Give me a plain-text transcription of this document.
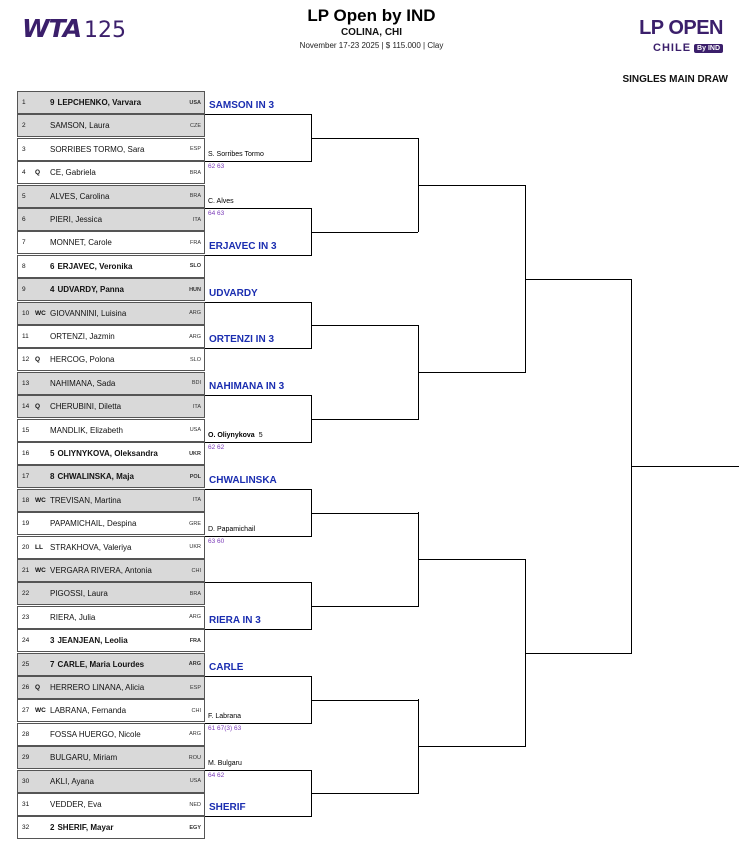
WTA 125
LP Open by IND
COLINA, CHI
November 17-23 2025 | $ 115.000 | Clay
LP OPEN
CHILE By IND
SINGLES MAIN DRAW
1	9 LEPCHENKO, Varvara	USA
2	SAMSON, Laura	CZE
3	SORRIBES TORMO, Sara	ESP
4	Q CE, Gabriela	BRA
5	ALVES, Carolina	BRA
6	PIERI, Jessica	ITA
7	MONNET, Carole	FRA
8	6 ERJAVEC, Veronika	SLO
9	4 UDVARDY, Panna	HUN
10 WC GIOVANNINI, Luisina	ARG
11	ORTENZI, Jazmin	ARG
12 Q HERCOG, Polona	SLO
13	NAHIMANA, Sada	BDI
14 Q CHERUBINI, Diletta	ITA
15	MANDLIK, Elizabeth	USA
16	5 OLIYNYKOVA, Oleksandra	UKR
17	8 CHWALINSKA, Maja	POL
18 WC TREVISAN, Martina	ITA
19	PAPAMICHAIL, Despina	GRE
20 LL STRAKHOVA, Valeriya	UKR
21 WC VERGARA RIVERA, Antonia	CHI
22	PIGOSSI, Laura	BRA
23	RIERA, Julia	ARG
24	3 JEANJEAN, Leolia	FRA
25	7 CARLE, Maria Lourdes	ARG
26 Q HERRERO LINANA, Alicia	ESP
27 WC LABRANA, Fernanda	CHI
28	FOSSA HUERGO, Nicole	ARG
29	BULGARU, Miriam	ROU
30	AKLI, Ayana	USA
31	VEDDER, Eva	NED
32	2 SHERIF, Mayar	EGY
SAMSON IN 3
S. Sorribes Tormo
62 63
C. Alves
64 63
ERJAVEC IN 3
UDVARDY
ORTENZI IN 3
NAHIMANA IN 3
O. Oliynykova 5
62 62
CHWALINSKA
D. Papamichail
63 60
RIERA IN 3
CARLE
F. Labrana
61 67(3) 63
M. Bulgaru
64 62
SHERIF
